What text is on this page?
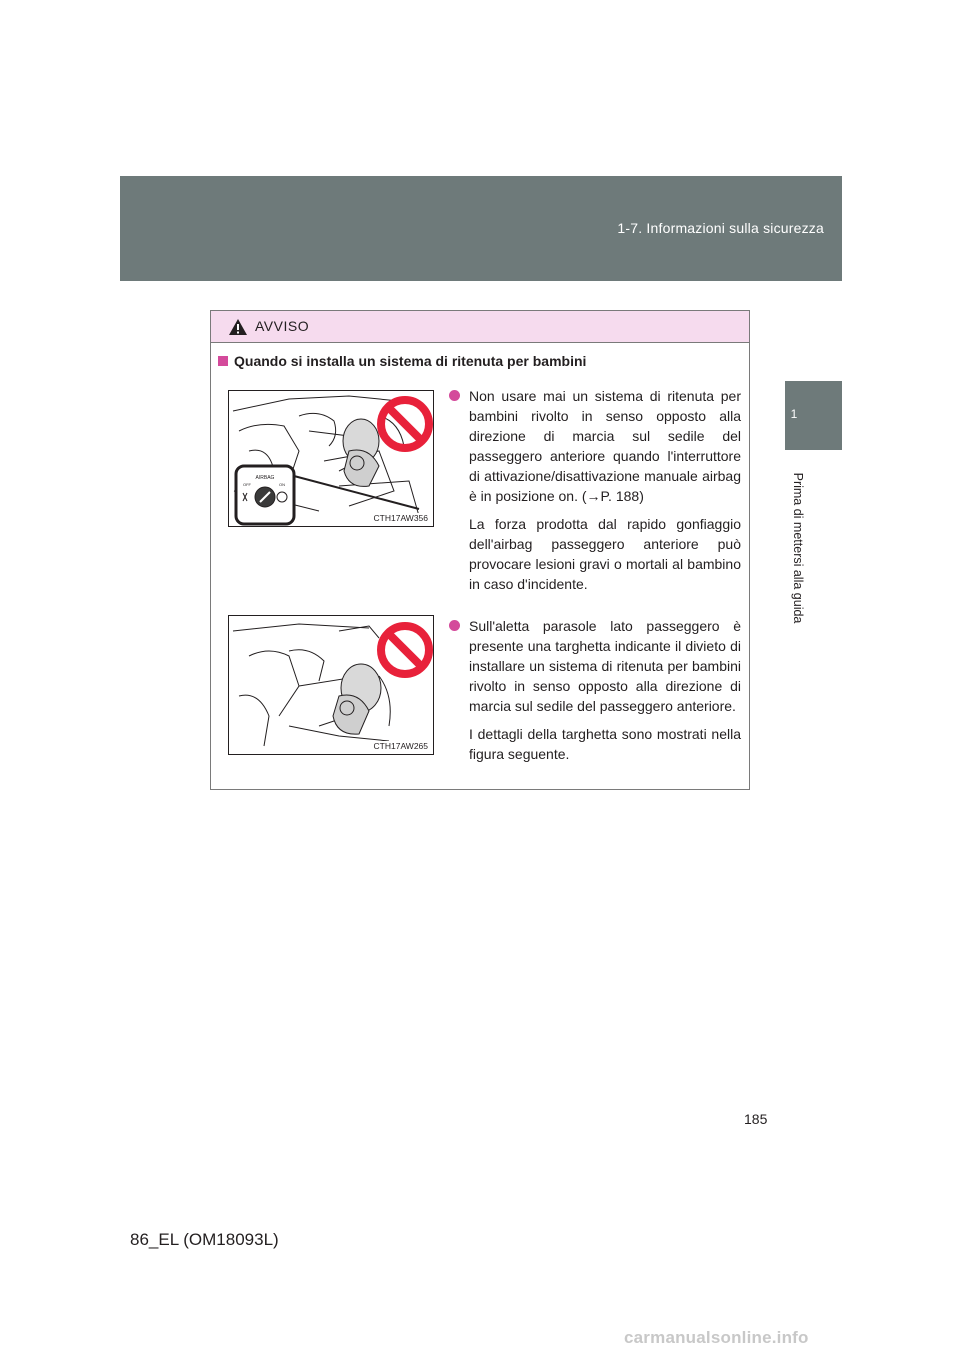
1-7. Informazioni sulla sicurezza
1
Prima di mettersi alla guida
AVVISO
Quando si installa un sistema di ritenuta per bambini
AIRBAG
OFF	ON
CTH17AW356
Non usare mai un sistema di ritenuta per bambini rivolto in senso opposto alla direzione di marcia sul sedile del passeggero anteriore quando l'interruttore di attivazione/disattivazione manuale airbag è in posizione on. (→P. 188)
La forza prodotta dal rapido gonfiaggio dell'airbag passeggero anteriore può provocare lesioni gravi o mortali al bambino in caso d'incidente.
CTH17AW265
Sull'aletta parasole lato passeggero è presente una targhetta indicante il divieto di installare un sistema di ritenuta per bambini rivolto in senso opposto alla direzione di marcia sul sedile del passeggero anteriore.
I dettagli della targhetta sono mostrati nella figura seguente.
185
86_EL (OM18093L)
carmanualsonline.info
